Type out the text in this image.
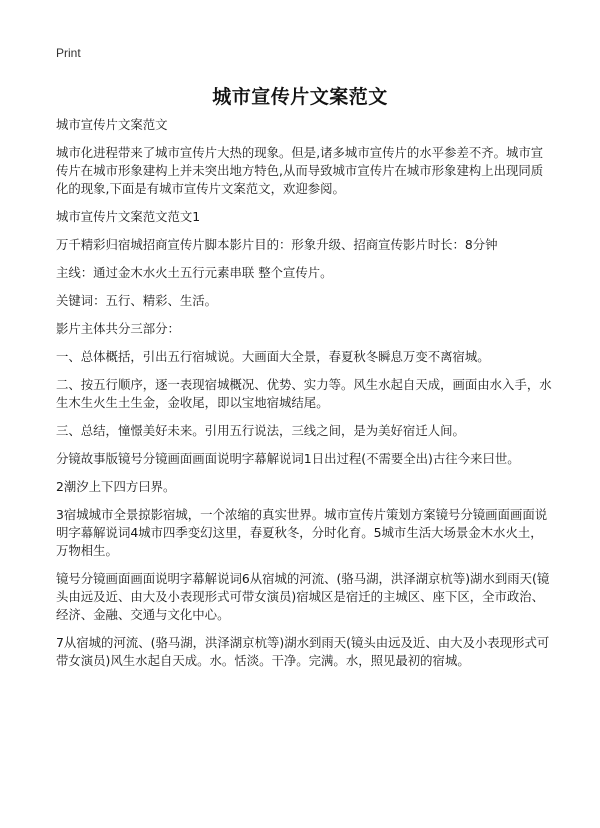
Print
城市宣传片文案范文

城市宣传片文案范文

城市化进程带来了城市宣传片大热的现象。但是,诸多城市宣传片的水平参差不齐。城市宣传片在城市形象建构上并未突出地方特色,从而导致城市宣传片在城市形象建构上出现同质化的现象,下面是有城市宣传片文案范文，欢迎参阅。

城市宣传片文案范文范文1

万千精彩归宿城招商宣传片脚本影片目的：形象升级、招商宣传影片时长：8分钟

主线：通过金木水火土五行元素串联 整个宣传片。

关键词：五行、精彩、生活。

影片主体共分三部分：

一、总体概括，引出五行宿城说。大画面大全景，春夏秋冬瞬息万变不离宿城。

二、按五行顺序，逐一表现宿城概况、优势、实力等。风生水起自天成，画面由水入手，水生木生火生土生金，金收尾，即以宝地宿城结尾。

三、总结，憧憬美好未来。引用五行说法，三线之间，是为美好宿迁人间。

分镜故事版镜号分镜画面画面说明字幕解说词1日出过程(不需要全出)古往今来曰世。

2潮汐上下四方曰界。

3宿城城市全景掠影宿城，一个浓缩的真实世界。城市宣传片策划方案镜号分镜画面画面说明字幕解说词4城市四季变幻这里，春夏秋冬，分时化育。5城市生活大场景金木水火土，万物相生。

镜号分镜画面画面说明字幕解说词6从宿城的河流、(骆马湖，洪泽湖京杭等)湖水到雨天(镜头由远及近、由大及小表现形式可带女演员)宿城区是宿迁的主城区、座下区，全市政治、经济、金融、交通与文化中心。

7从宿城的河流、(骆马湖，洪泽湖京杭等)湖水到雨天(镜头由远及近、由大及小表现形式可带女演员)风生水起自天成。水。恬淡。干净。完满。水，照见最初的宿城。
